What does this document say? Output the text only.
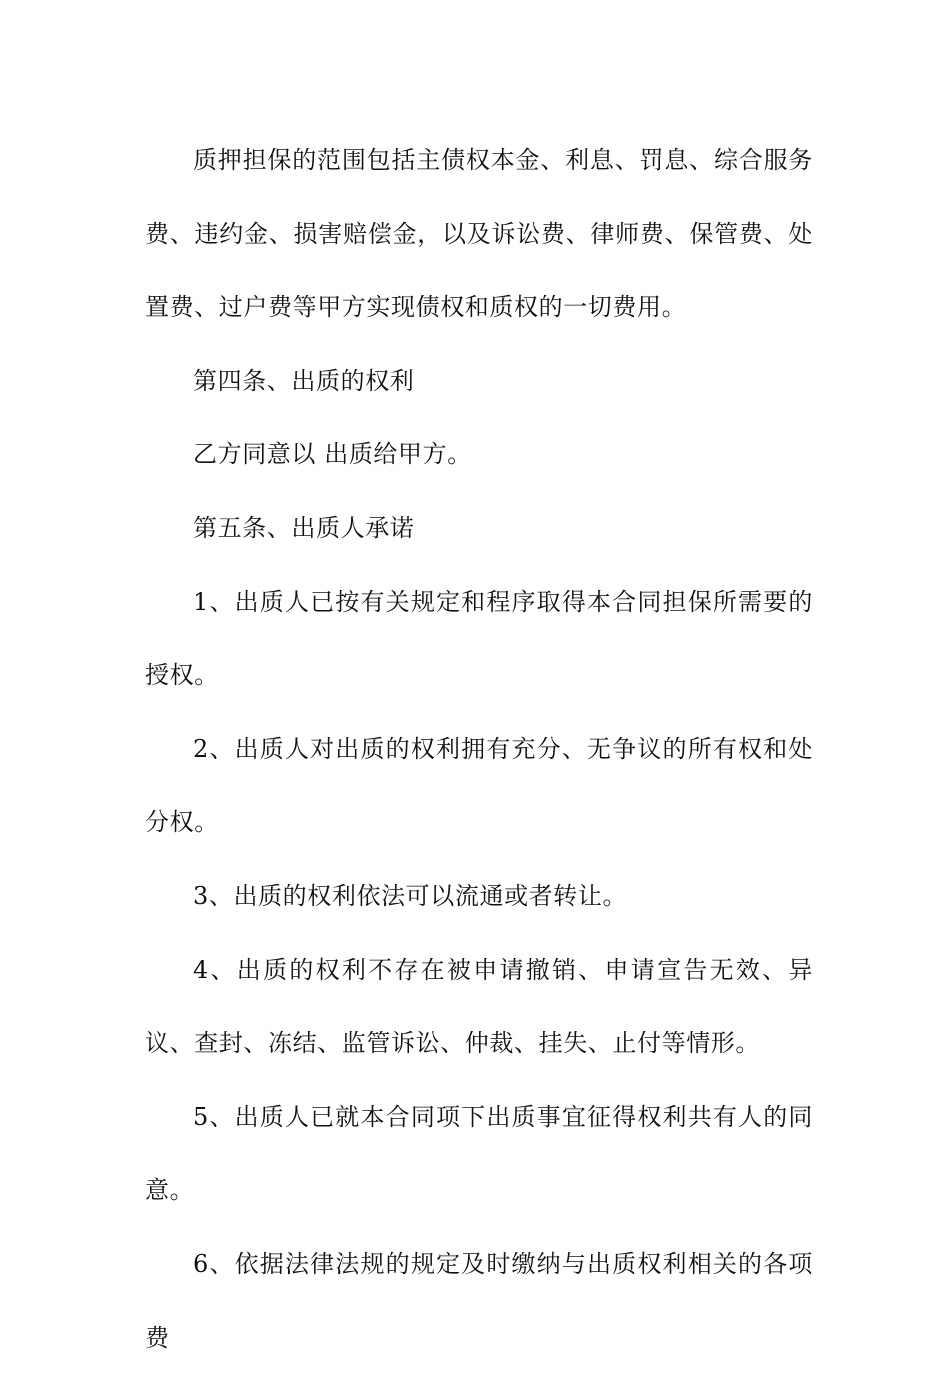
质押担保的范围包括主债权本金、利息、罚息、综合服务费、违约金、损害赔偿金，以及诉讼费、律师费、保管费、处置费、过户费等甲方实现债权和质权的一切费用。

第四条、出质的权利

乙方同意以 出质给甲方。

第五条、出质人承诺

1、出质人已按有关规定和程序取得本合同担保所需要的授权。

2、出质人对出质的权利拥有充分、无争议的所有权和处分权。

3、出质的权利依法可以流通或者转让。

4、出质的权利不存在被申请撤销、申请宣告无效、异议、查封、冻结、监管诉讼、仲裁、挂失、止付等情形。

5、出质人已就本合同项下出质事宜征得权利共有人的同意。

6、依据法律法规的规定及时缴纳与出质权利相关的各项费
